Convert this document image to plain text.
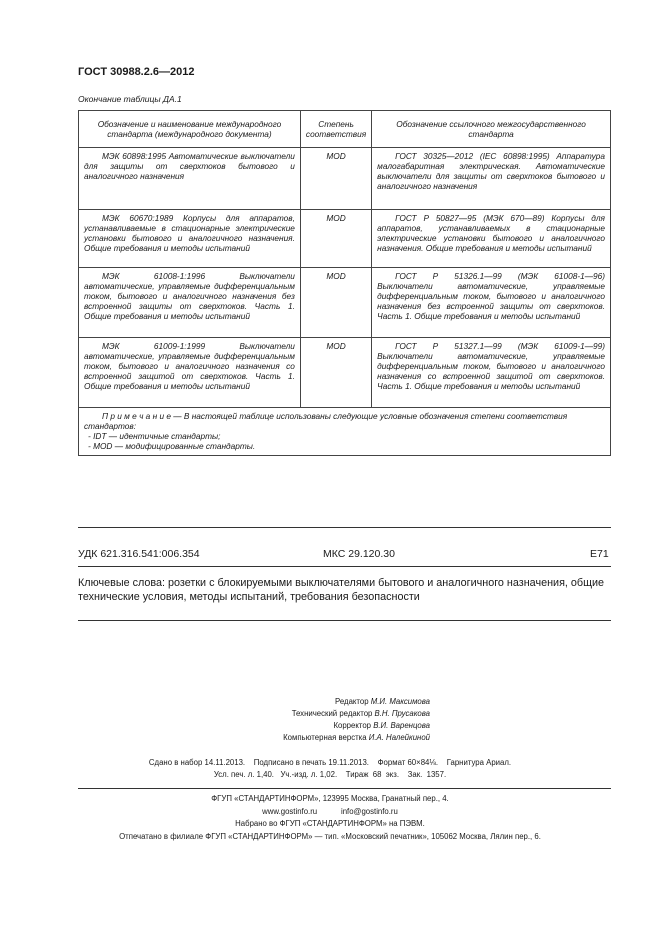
ГОСТ 30988.2.6—2012
Окончание таблицы ДА.1
Обозначение и наименование международного стандарта (международного документа)	Степень соответствия	Обозначение ссылочного межгосударственного стандарта

МЭК 60898:1995 Автоматические выключатели для защиты от сверхтоков бытового и аналогичного назначения	MOD	ГОСТ 30325—2012 (IEC 60898:1995) Аппаратура малогабаритная электрическая. Автоматические выключатели для защиты от сверхтоков бытового и аналогичного назначения

МЭК 60670:1989 Корпусы для аппаратов, устанавливаемые в стационарные электрические установки бытового и аналогичного назначения. Общие требования и методы испытаний	MOD	ГОСТ Р 50827—95 (МЭК 670—89) Корпусы для аппаратов, устанавливаемых в стационарные электрические установки бытового и аналогичного назначения. Общие требования и методы испытаний

МЭК 61008-1:1996 Выключатели автоматические, управляемые дифференциальным током, бытового и аналогичного назначения без встроенной защиты от сверхтоков. Часть 1. Общие требования и методы испытаний	MOD	ГОСТ Р 51326.1—99 (МЭК 61008-1—96) Выключатели автоматические, управляемые дифференциальным током, бытового и аналогичного назначения без встроенной защиты от сверхтоков. Часть 1. Общие требования и методы испытаний

МЭК 61009-1:1999 Выключатели автоматические, управляемые дифференциальным током, бытового и аналогичного назначения со встроенной защитой от сверхтоков. Часть 1. Общие требования и методы испытаний	MOD	ГОСТ Р 51327.1—99 (МЭК 61009-1—99) Выключатели автоматические, управляемые дифференциальным током, бытового и аналогичного назначения со встроенной защитой от сверхтоков. Часть 1. Общие требования и методы испытаний

П р и м е ч а н и е — В настоящей таблице использованы следующие условные обозначения степени соответствия стандартов:

- IDT — идентичные стандарты;

- MOD — модифицированные стандарты.		

УДК 621.316.541:006.354	МКС 29.120.30	Е71
Ключевые слова: розетки с блокируемыми выключателями бытового и аналогичного назначения, общие технические условия, методы испытаний, требования безопасности
Редактор М.И. Максимова
Технический редактор В.Н. Прусакова
Корректор В.И. Варенцова
Компьютерная верстка И.А. Налейкиной
Сдано в набор 14.11.2013.    Подписано в печать 19.11.2013.    Формат 60×84⅛.    Гарнитура Ариал.
Усл. печ. л. 1,40.   Уч.-изд. л. 1,02.    Тираж  68  экз.    Зак.  1357.
ФГУП «СТАНДАРТИНФОРМ», 123995 Москва, Гранатный пер., 4.
www.gostinfo.ru           info@gostinfo.ru
Набрано во ФГУП «СТАНДАРТИНФОРМ» на ПЭВМ.
Отпечатано в филиале ФГУП «СТАНДАРТИНФОРМ» — тип. «Московский печатник», 105062 Москва, Лялин пер., 6.
